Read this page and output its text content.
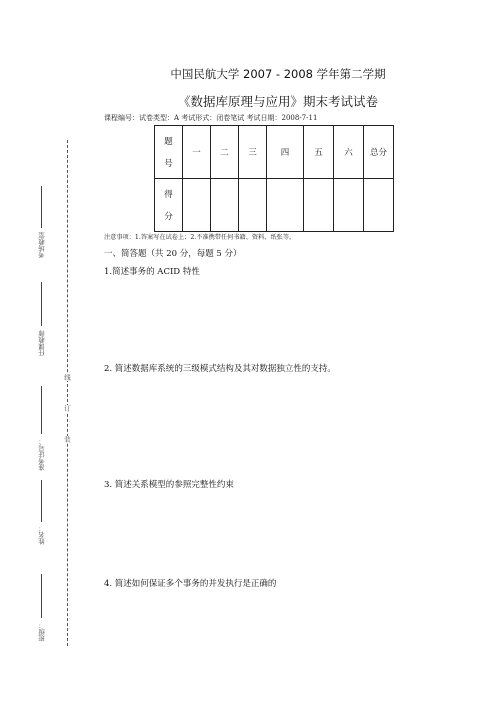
中国民航大学 2007 - 2008 学年第二学期
《数据库原理与应用》期末考试试卷
课程编号：试卷类型：A 考试形式：闭卷笔试 考试日期：2008-7-11
题
号	一	二	三	四	五	六	总分

得
分							

注意事项：1.答案写在试卷上；2.不准携带任何书籍、资料、纸张等。
一、简答题（共 20 分，每题 5 分）
1.简述事务的 ACID 特性
2. 简述数据库系统的三级模式结构及其对数据独立性的支持。
3. 简述关系模型的参照完整性约束
4. 简述如何保证多个事务的并发执行是正确的
考场教室
任课教师
准考证号：
姓名：
班级：
线
订
装
